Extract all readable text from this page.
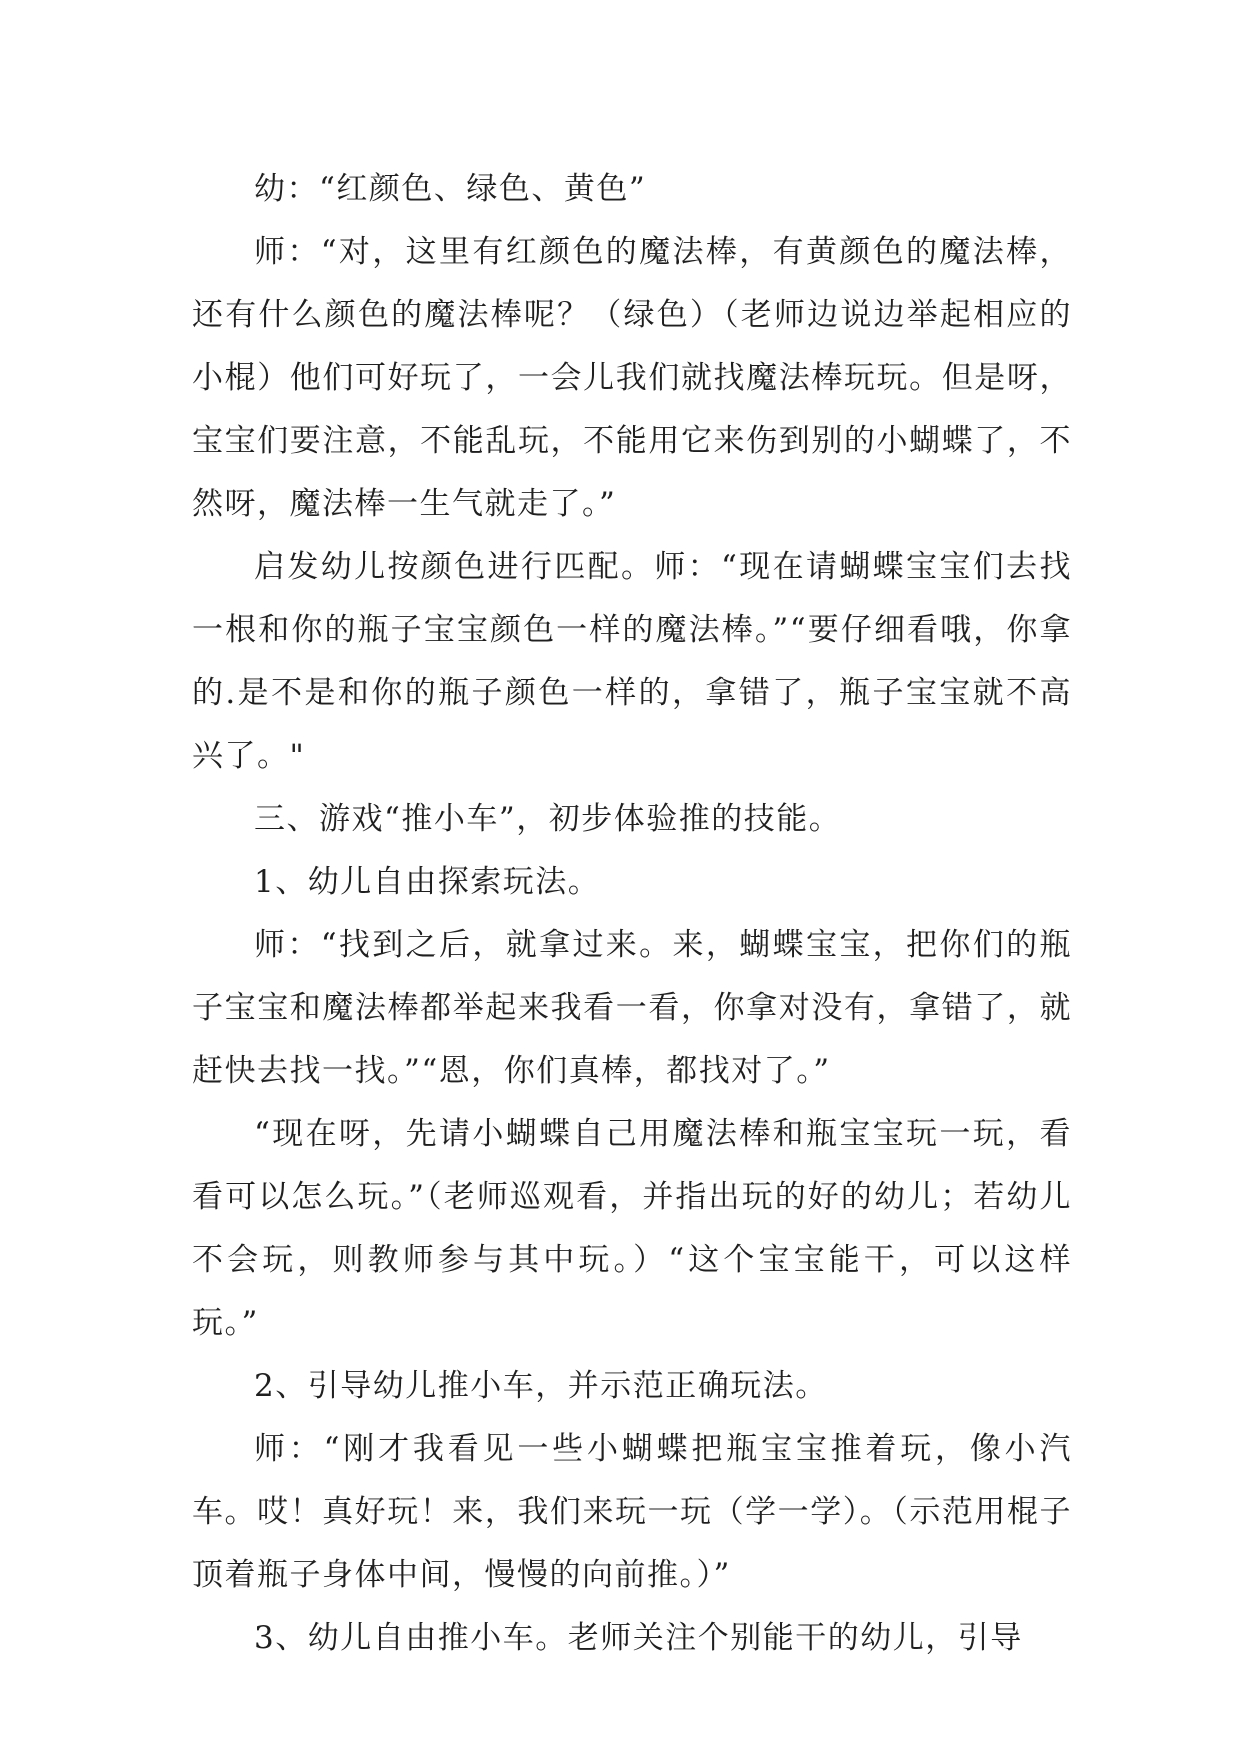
幼：“红颜色、绿色、黄色”

师：“对，这里有红颜色的魔法棒，有黄颜色的魔法棒，还有什么颜色的魔法棒呢？（绿色）（老师边说边举起相应的小棍）他们可好玩了，一会儿我们就找魔法棒玩玩。但是呀，宝宝们要注意，不能乱玩，不能用它来伤到别的小蝴蝶了，不然呀，魔法棒一生气就走了。”

启发幼儿按颜色进行匹配。师：“现在请蝴蝶宝宝们去找一根和你的瓶子宝宝颜色一样的魔法棒。”“要仔细看哦，你拿的.是不是和你的瓶子颜色一样的，拿错了，瓶子宝宝就不高兴了。"

三、游戏“推小车”，初步体验推的技能。

1、幼儿自由探索玩法。

师：“找到之后，就拿过来。来，蝴蝶宝宝，把你们的瓶子宝宝和魔法棒都举起来我看一看，你拿对没有，拿错了，就赶快去找一找。”“恩，你们真棒，都找对了。”

“现在呀，先请小蝴蝶自己用魔法棒和瓶宝宝玩一玩，看看可以怎么玩。”（老师巡观看，并指出玩的好的幼儿；若幼儿不会玩，则教师参与其中玩。）“这个宝宝能干，可以这样玩。”

2、引导幼儿推小车，并示范正确玩法。

师：“刚才我看见一些小蝴蝶把瓶宝宝推着玩，像小汽车。哎！真好玩！来，我们来玩一玩（学一学）。（示范用棍子顶着瓶子身体中间，慢慢的向前推。）”

3、幼儿自由推小车。老师关注个别能干的幼儿，引导
